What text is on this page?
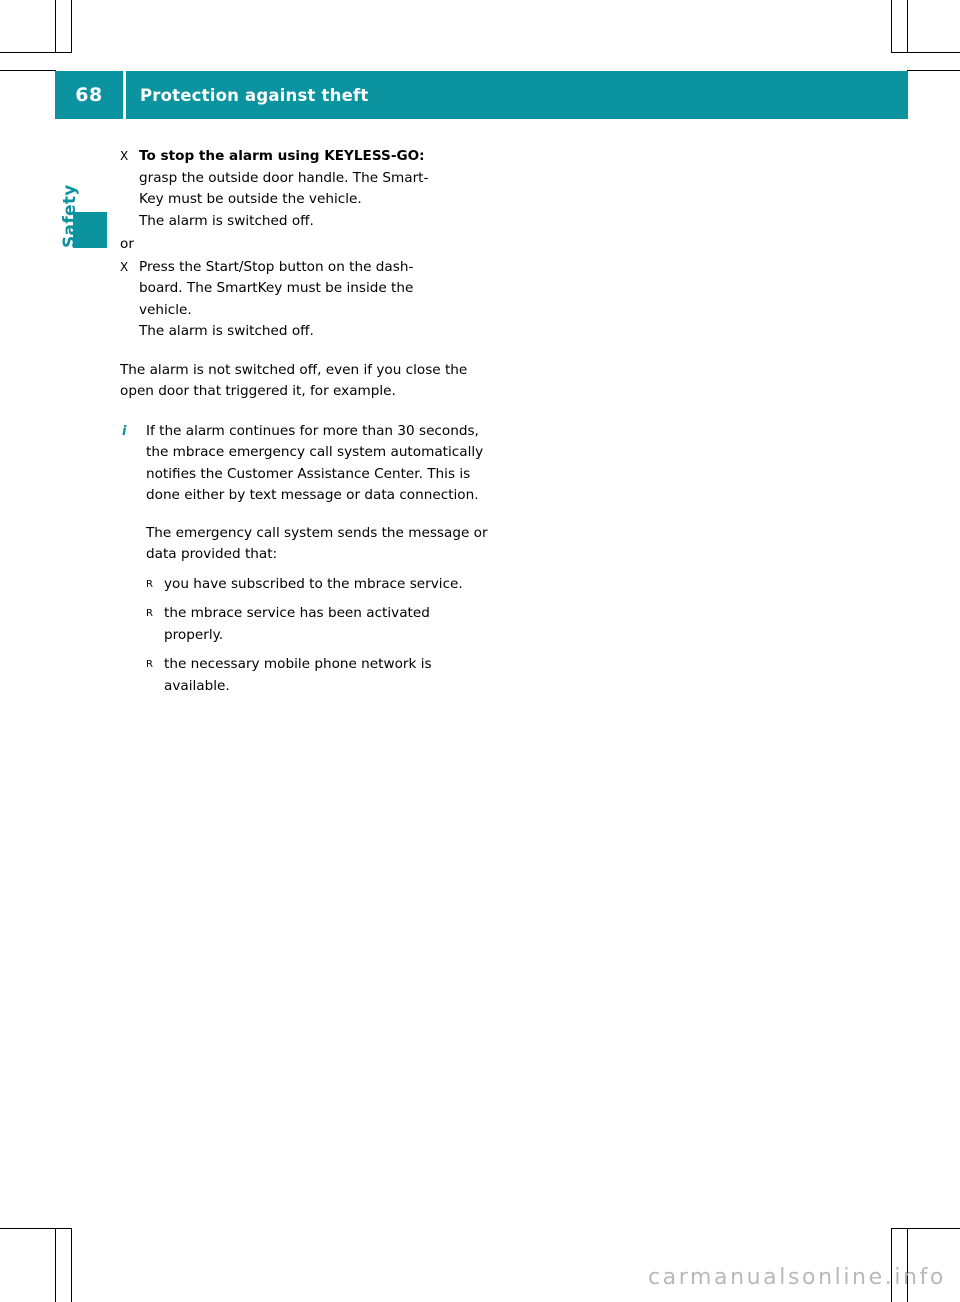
68	Protection against theft
Safety
X To stop the alarm using KEYLESS-GO:
grasp the outside door handle. The Smart-
Key must be outside the vehicle.
The alarm is switched off.
or
X Press the Start/Stop button on the dash-
board. The SmartKey must be inside the
vehicle.
The alarm is switched off.
The alarm is not switched off, even if you close the open door that triggered it, for example.
i	If the alarm continues for more than 30 seconds, the mbrace emergency call system automatically notifies the Customer Assistance Center. This is done either by text message or data connection.
The emergency call system sends the message or data provided that:
R you have subscribed to the mbrace service.
R the mbrace service has been activated properly.
R the necessary mobile phone network is available.
carmanualsonline.info
